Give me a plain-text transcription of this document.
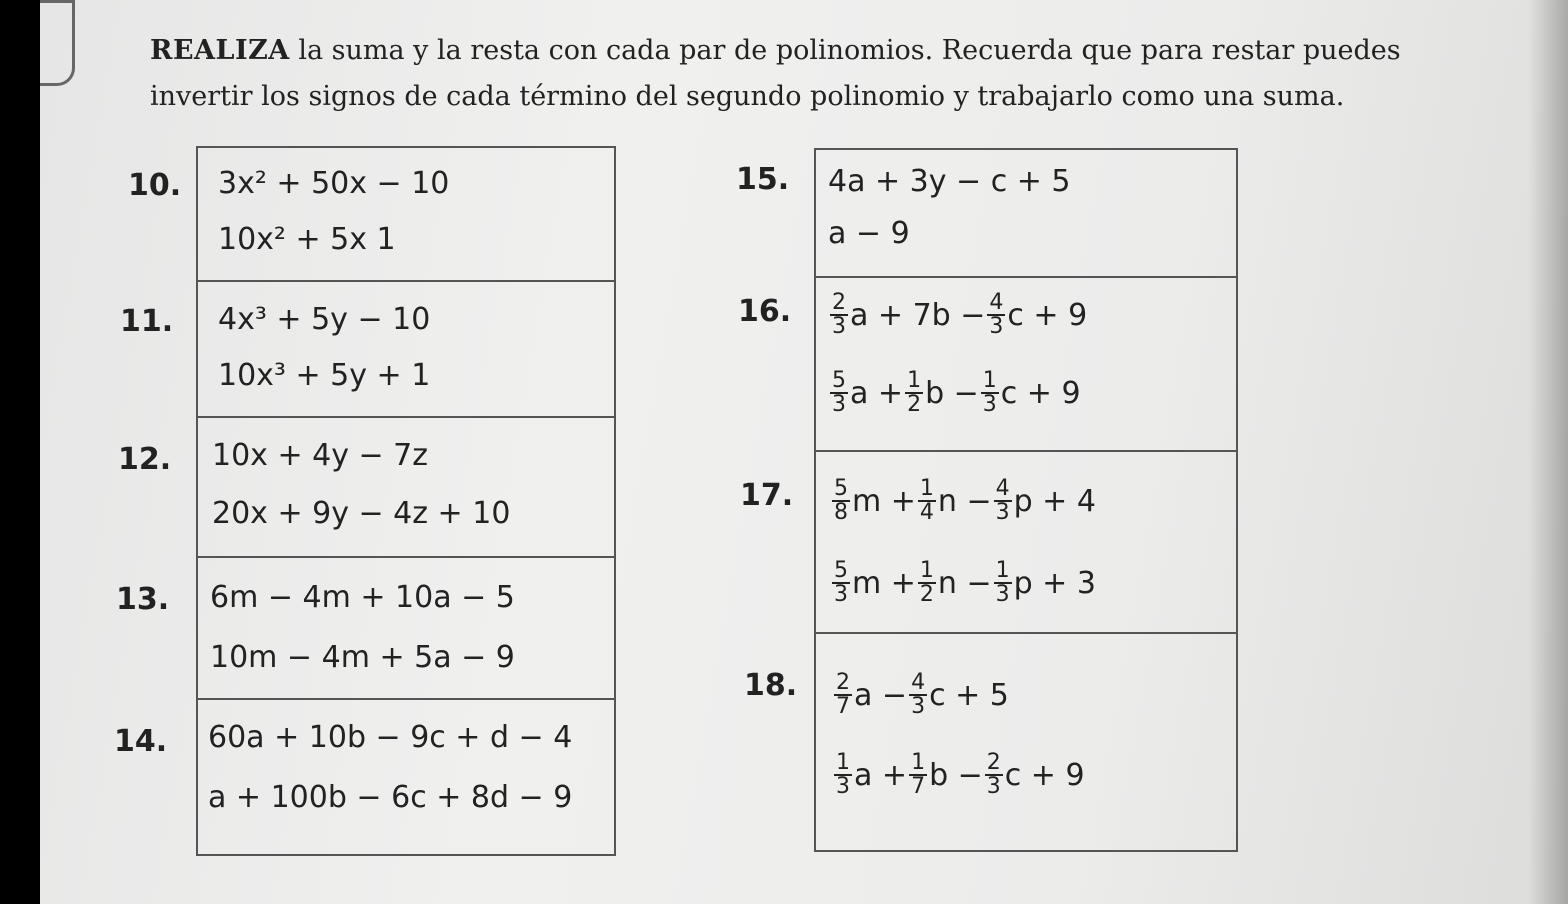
REALIZA la suma y la resta con cada par de polinomios. Recuerda que para restar puedes
invertir los signos de cada término del segundo polinomio y trabajarlo como una suma.
10.
11.
12.
13.
14.
3x² + 50x − 10
10x² + 5x 1
4x³ + 5y − 10
10x³ + 5y + 1
10x + 4y − 7z
20x + 9y − 4z + 10
6m − 4m + 10a − 5
10m − 4m + 5a − 9
60a + 10b − 9c + d − 4
a + 100b − 6c + 8d − 9
15.
16.
17.
18.
4a + 3y − c + 5
a − 9
$\frac{2}{3}$ $a + 7b - \frac{4}{3}$ c + 9
$\frac{5}{3}$ $a + \frac{1}{2}$ $b - \frac{1}{3}$ c + 9
$\frac{5}{8}$ $m + \frac{1}{4}$ $n - \frac{4}{3}$ p + 4
$\frac{5}{3}$ $m + \frac{1}{2}$ $n - \frac{1}{3}$ p + 3
$\frac{2}{7}$ $a - \frac{4}{3}$ c + 5
$\frac{1}{3}$ $a + \frac{1}{7}$ $b - \frac{2}{3}$ c + 9
